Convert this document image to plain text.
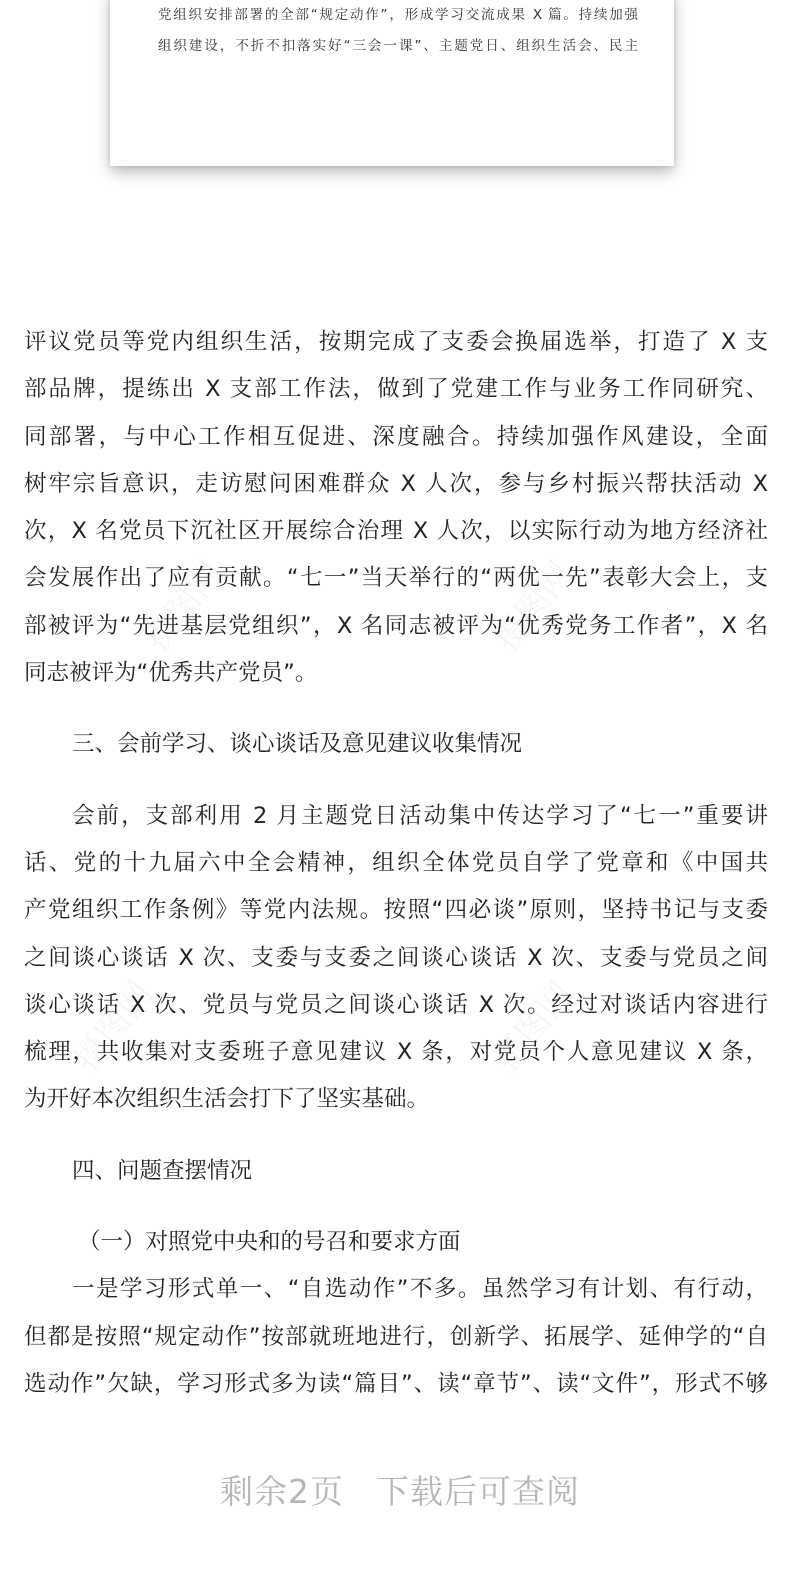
党组织安排部署的全部“规定动作”，形成学习交流成果 X 篇。持续加强
组织建设，不折不扣落实好“三会一课”、主题党日、组织生活会、民主
摄图网	摄图网
摄图网	摄图网
评议党员等党内组织生活，按期完成了支委会换届选举，打造了 X 支
部品牌，提练出 X 支部工作法，做到了党建工作与业务工作同研究、
同部署，与中心工作相互促进、深度融合。持续加强作风建设，全面
树牢宗旨意识，走访慰问困难群众 X 人次，参与乡村振兴帮扶活动 X
次，X 名党员下沉社区开展综合治理 X 人次，以实际行动为地方经济社
会发展作出了应有贡献。“七一”当天举行的“两优一先”表彰大会上，支
部被评为“先进基层党组织”，X 名同志被评为“优秀党务工作者”，X 名
同志被评为“优秀共产党员”。
三、会前学习、谈心谈话及意见建议收集情况
会前，支部利用 2 月主题党日活动集中传达学习了“七一”重要讲
话、党的十九届六中全会精神，组织全体党员自学了党章和《中国共
产党组织工作条例》等党内法规。按照“四必谈”原则，坚持书记与支委
之间谈心谈话 X 次、支委与支委之间谈心谈话 X 次、支委与党员之间
谈心谈话 X 次、党员与党员之间谈心谈话 X 次。经过对谈话内容进行
梳理，共收集对支委班子意见建议 X 条，对党员个人意见建议 X 条，
为开好本次组织生活会打下了坚实基础。
四、问题查摆情况
（一）对照党中央和的号召和要求方面
一是学习形式单一、“自选动作”不多。虽然学习有计划、有行动，
但都是按照“规定动作”按部就班地进行，创新学、拓展学、延伸学的“自
选动作”欠缺，学习形式多为读“篇目”、读“章节”、读“文件”，形式不够
剩余2页 下载后可查阅
